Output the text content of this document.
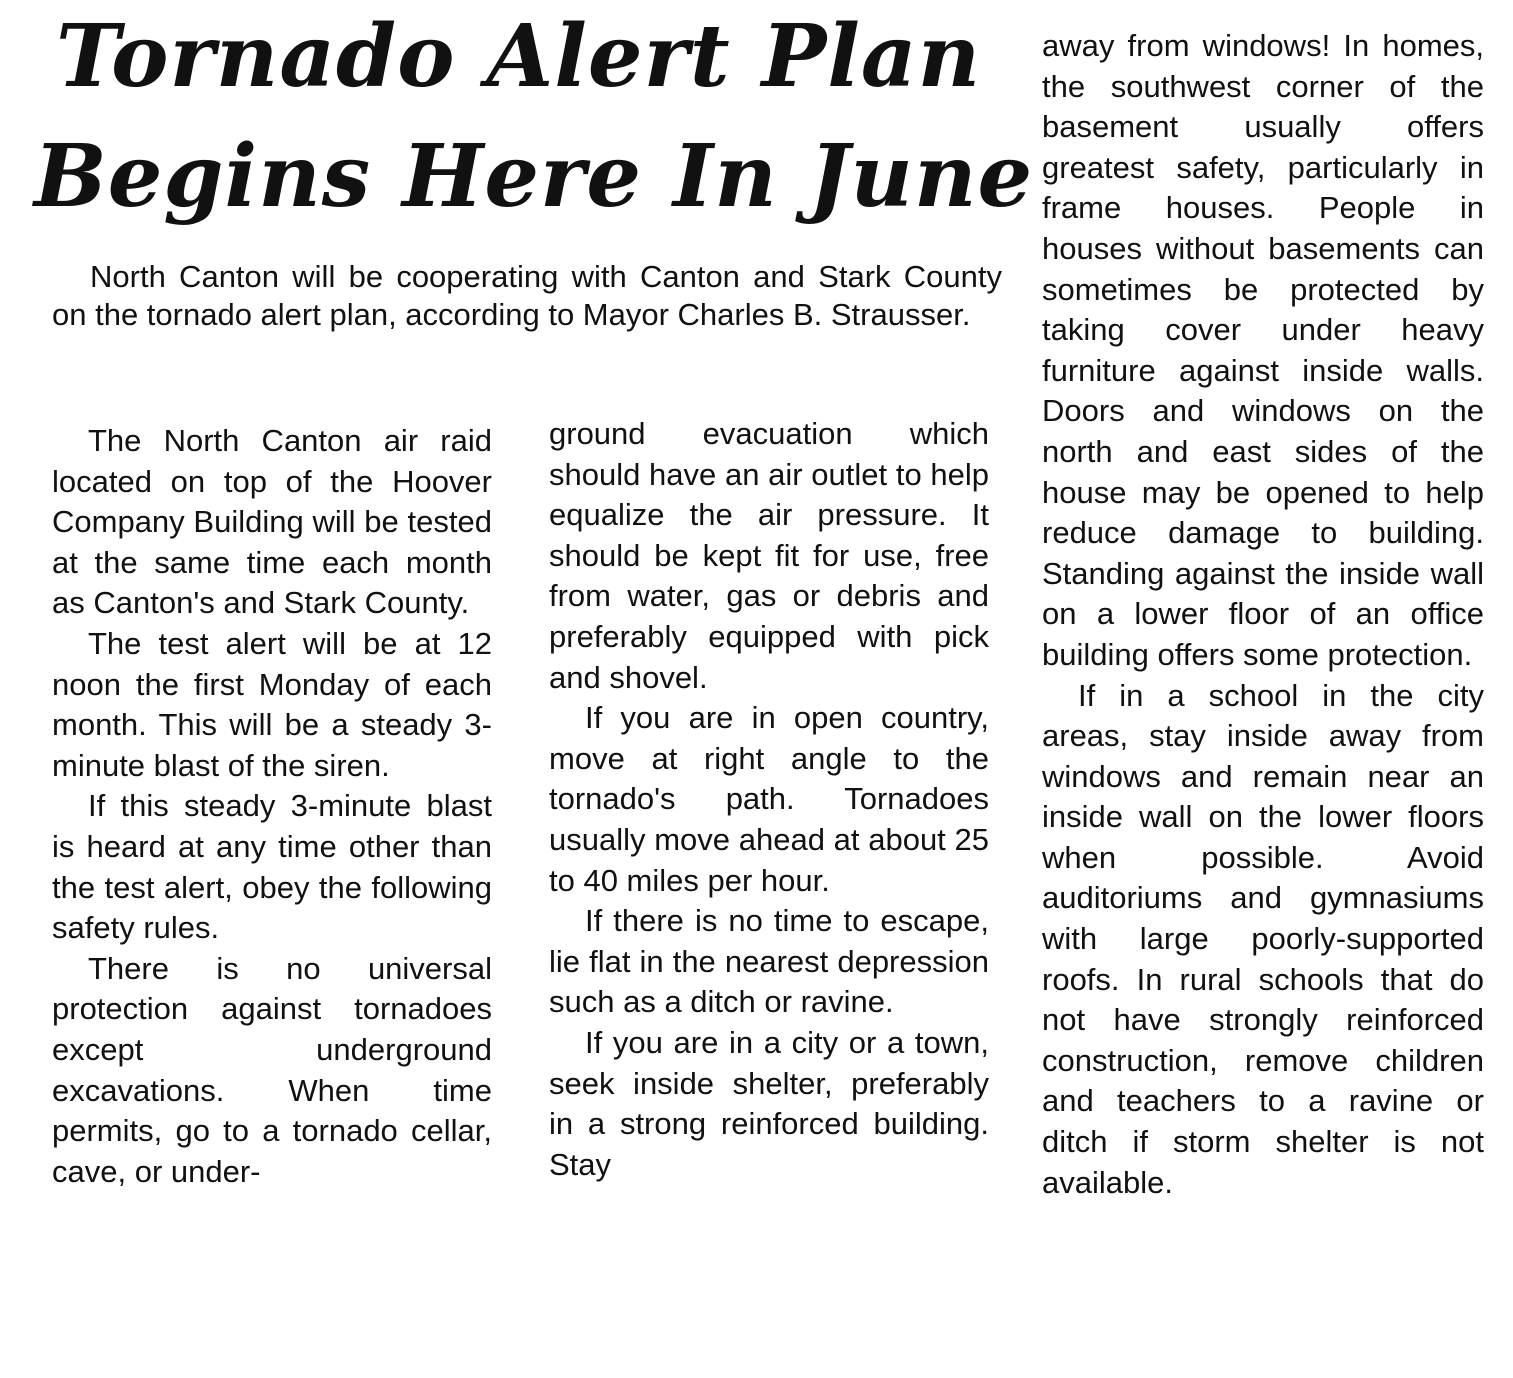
Tornado Alert Plan
Begins Here In June

North Canton will be cooperating with Canton and Stark County on the tornado alert plan, according to Mayor Charles B. Strausser.

The North Canton air raid located on top of the Hoover Company Building will be tested at the same time each month as Canton's and Stark County.

The test alert will be at 12 noon the first Monday of each month. This will be a steady 3-minute blast of the siren.

If this steady 3-minute blast is heard at any time other than the test alert, obey the following safety rules.

There is no universal protection against tornadoes except underground excavations. When time permits, go to a tornado cellar, cave, or under-

ground evacuation which should have an air outlet to help equalize the air pressure. It should be kept fit for use, free from water, gas or debris and preferably equipped with pick and shovel.

If you are in open country, move at right angle to the tornado's path. Tornadoes usually move ahead at about 25 to 40 miles per hour.

If there is no time to escape, lie flat in the nearest depression such as a ditch or ravine.

If you are in a city or a town, seek inside shelter, preferably in a strong reinforced building. Stay

away from windows! In homes, the southwest corner of the basement usually offers greatest safety, particularly in frame houses. People in houses without basements can sometimes be protected by taking cover under heavy furniture against inside walls. Doors and windows on the north and east sides of the house may be opened to help reduce damage to building. Standing against the inside wall on a lower floor of an office building offers some protection.

If in a school in the city areas, stay inside away from windows and remain near an inside wall on the lower floors when possible. Avoid auditoriums and gymnasiums with large poorly-supported roofs. In rural schools that do not have strongly reinforced construction, remove children and teachers to a ravine or ditch if storm shelter is not available.
